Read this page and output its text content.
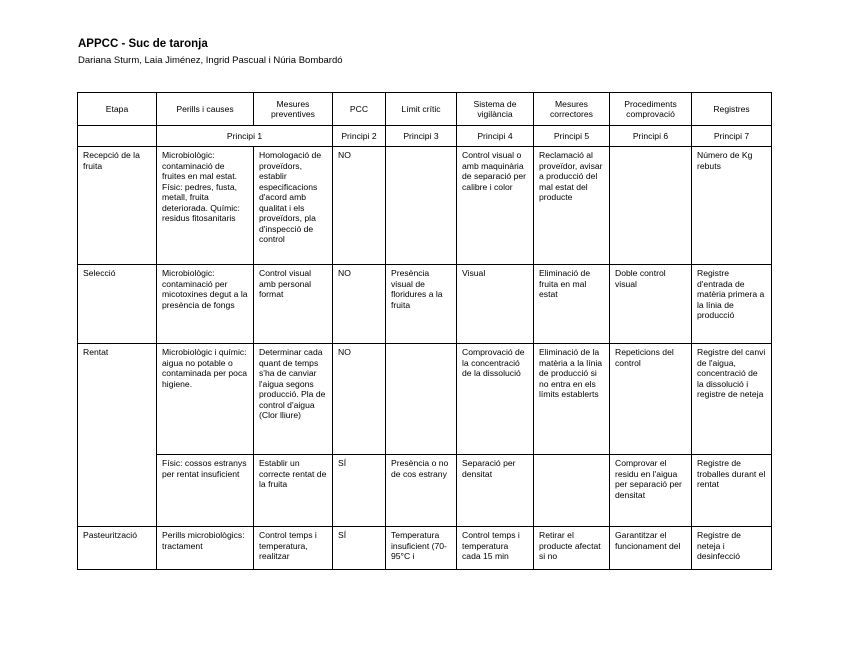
APPCC - Suc de taronja
Dariana Sturm, Laia Jiménez, Ingrid Pascual i Núria Bombardó
Etapa	Perills i causes	Mesures preventives	PCC	Límit crític	Sistema de vigilància	Mesures correctores	Procediments comprovació	Registres
	Principi 1		Principi 2	Principi 3	Principi 4	Principi 5	Principi 6	Principi 7
Recepció de la fruita	Microbiològic: contaminació de fruites en mal estat. Físic: pedres, fusta, metall, fruita deteriorada. Químic: residus fitosanitaris	Homologació de proveïdors, establir especificacions d'acord amb qualitat i els proveïdors, pla d'inspecció de control	NO		Control visual o amb maquinària de separació per calibre i color	Reclamació al proveïdor, avisar a producció del mal estat del producte		Número de Kg rebuts
Selecció	Microbiològic: contaminació per micotoxines degut a la presència de fongs	Control visual amb personal format	NO	Presència visual de floridures a la fruita	Visual	Eliminació de fruita en mal estat	Doble control visual	Registre d'entrada de matèria primera a la línia de producció
Rentat	Microbiològic i químic: aigua no potable o contaminada per poca higiene.	Determinar cada quant de temps s'ha de canviar l'aigua segons producció. Pla de control d'aigua (Clor lliure)	NO		Comprovació de la concentració de la dissolució	Eliminació de la matèria a la línia de producció si no entra en els límits establerts	Repeticions del control	Registre del canvi de l'aigua, concentració de la dissolució i registre de neteja
	Físic: cossos estranys per rentat insuficient	Establir un correcte rentat de la fruita	SÍ	Presència o no de cos estrany	Separació per densitat		Comprovar el residu en l'aigua per separació per densitat	Registre de troballes durant el rentat
Pasteurització	Perills microbiològics: tractament	Control temps i temperatura, realitzar	SÍ	Temperatura insuficient (70-95°C i	Control temps i temperatura cada 15 min	Retirar el producte afectat si no	Garantitzar el funcionament del	Registre de neteja i desinfecció
